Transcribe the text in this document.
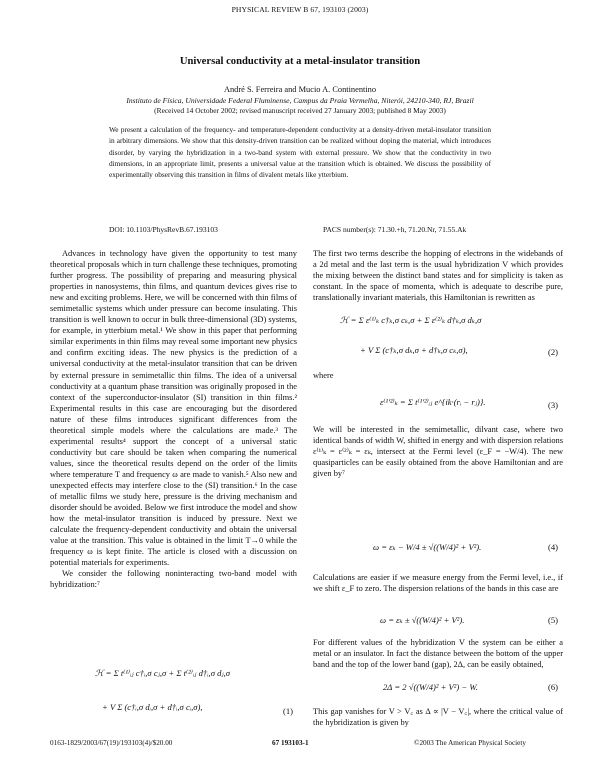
PHYSICAL REVIEW B 67, 193103 (2003)
Universal conductivity at a metal-insulator transition
André S. Ferreira and Mucio A. Continentino
Instituto de Física, Universidade Federal Fluminense, Campus da Praia Vermelha, Niterói, 24210-340, RJ, Brazil
(Received 14 October 2002; revised manuscript received 27 January 2003; published 8 May 2003)
We present a calculation of the frequency- and temperature-dependent conductivity at a density-driven metal-insulator transition in arbitrary dimensions. We show that this density-driven transition can be realized without doping the material, which introduces disorder, by varying the hybridization in a two-band system with external pressure. We show that the conductivity in two dimensions, in an appropriate limit, presents a universal value at the transition which is obtained. We discuss the possibility of experimentally observing this transition in films of divalent metals like ytterbium.
DOI: 10.1103/PhysRevB.67.193103	PACS number(s): 71.30.+h, 71.20.Nr, 71.55.Ak

Advances in technology have given the opportunity to test many theoretical proposals which in turn challenge these techniques, promoting further progress. The possibility of preparing and measuring physical properties in nanosystems, thin films, and quantum devices gives rise to new and exciting problems. Here, we will be concerned with thin films of semimetallic systems which under pressure can become insulating. This transition is well known to occur in bulk three-dimensional (3D) systems, for example, in ytterbium metal.¹ We show in this paper that performing similar experiments in thin films may reveal some important new physics and confirm exciting ideas. The new physics is the prediction of a universal conductivity at the metal-insulator transition that can be driven by external pressure in semimetallic thin films. The idea of a universal conductivity at a quantum phase transition was originally proposed in the context of the superconductor-insulator (SI) transition in thin films.² Experimental results in this case are encouraging but the disordered nature of these films introduces significant differences from the theoretical simple models where the calculations are made.³ The experimental results⁴ support the concept of a universal static conductivity but care should be taken when comparing the numerical values, since the theoretical results depend on the order of the limits where temperature T and frequency ω are made to vanish.⁵ Also new and unexpected effects may interfere close to the (SI) transition.⁶ In the case of metallic films we study here, pressure is the driving mechanism and disorder should be avoided. Below we first introduce the model and show how the metal-insulator transition is induced by pressure. Next we calculate the frequency-dependent conductivity and obtain the universal value at the transition. This value is obtained in the limit T→0 while the frequency ω is kept finite. The article is closed with a discussion on potential materials for experiments.

We consider the following noninteracting two-band model with hybridization:⁷

ℋ = Σ t⁽¹⁾ᵢⱼ c†ᵢ,σ cⱼ,σ + Σ t⁽²⁾ᵢⱼ d†ᵢ,σ dⱼ,σ
+ V Σ (c†ᵢ,σ dᵢ,σ + d†ᵢ,σ cᵢ,σ),	(1)
The first two terms describe the hopping of electrons in the widebands of a 2d metal and the last term is the usual hybridization V which provides the mixing between the distinct band states and for simplicity is taken as constant. In the space of momenta, which is adequate to describe pure, translationally invariant materials, this Hamiltonian is rewritten as
ℋ = Σ ε⁽¹⁾ₖ c†ₖ,σ cₖ,σ + Σ ε⁽²⁾ₖ d†ₖ,σ dₖ,σ
+ V Σ (c†ₖ,σ dₖ,σ + d†ₖ,σ cₖ,σ),	(2)
where
ε⁽¹'²⁾ₖ = Σ t⁽¹'²⁾ᵢⱼ e^{ik·(rᵢ − rⱼ)}.	(3)
We will be interested in the semimetallic, dilvant case, where two identical bands of width W, shifted in energy and with dispersion relations ε⁽¹⁾ₖ = ε⁽²⁾ₖ = εₖ, intersect at the Fermi level (ε_F = −W/4). The new quasiparticles can be easily obtained from the above Hamiltonian and are given by⁷
ω = εₖ − W/4 ± √((W/4)² + V²).	(4)
Calculations are easier if we measure energy from the Fermi level, i.e., if we shift ε_F to zero. The dispersion relations of the bands in this case are
ω = εₖ ± √((W/4)² + V²).	(5)
For different values of the hybridization V the system can be either a metal or an insulator. In fact the distance between the bottom of the upper band and the top of the lower band (gap), 2Δ, can be easily obtained,
2Δ = 2 √((W/4)² + V²) − W.	(6)
This gap vanishes for V > V꜀ as Δ ∝ |V − V꜀|, where the critical value of the hybridization is given by
0163-1829/2003/67(19)/193103(4)/$20.00	67 193103-1	©2003 The American Physical Society
